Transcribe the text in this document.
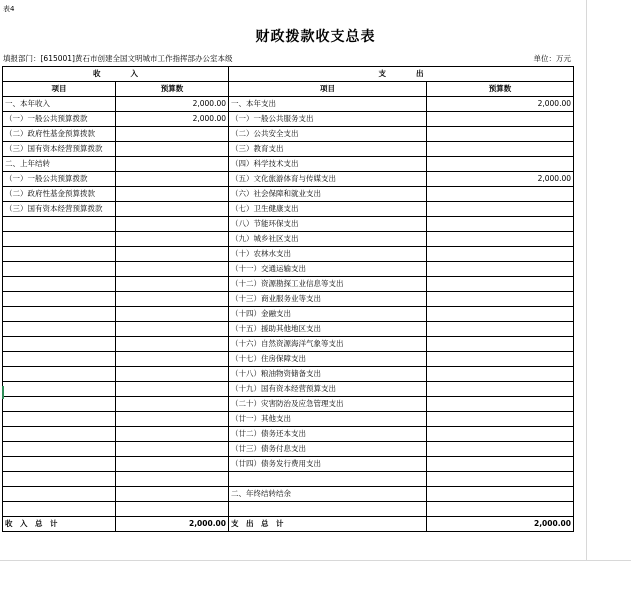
表4
财政拨款收支总表
填报部门：[615001]黄石市创建全国文明城市工作指挥部办公室本级	单位：万元
收　　　　入		支　　　　出	
项目	预算数	项目	预算数
一、本年收入	2,000.00	一、本年支出	2,000.00
（一）一般公共预算拨款	2,000.00	（一）一般公共服务支出	
（二）政府性基金预算拨款		（二）公共安全支出	
（三）国有资本经营预算拨款		（三）教育支出	
二、上年结转		（四）科学技术支出	
（一）一般公共预算拨款		（五）文化旅游体育与传媒支出	2,000.00
（二）政府性基金预算拨款		（六）社会保障和就业支出	
（三）国有资本经营预算拨款		（七）卫生健康支出	
		（八）节能环保支出	
		（九）城乡社区支出	
		（十）农林水支出	
		（十一）交通运输支出	
		（十二）资源勘探工业信息等支出	
		（十三）商业服务业等支出	
		（十四）金融支出	
		（十五）援助其他地区支出	
		（十六）自然资源海洋气象等支出	
		（十七）住房保障支出	
		（十八）粮油物资储备支出	
		（十九）国有资本经营预算支出	
		（二十）灾害防治及应急管理支出	
		（廿一）其他支出	
		（廿二）债务还本支出	
		（廿三）债务付息支出	
		（廿四）债务发行费用支出	

		二、年终结转结余	

收　入　总　计	2,000.00	支　出　总　计	2,000.00
